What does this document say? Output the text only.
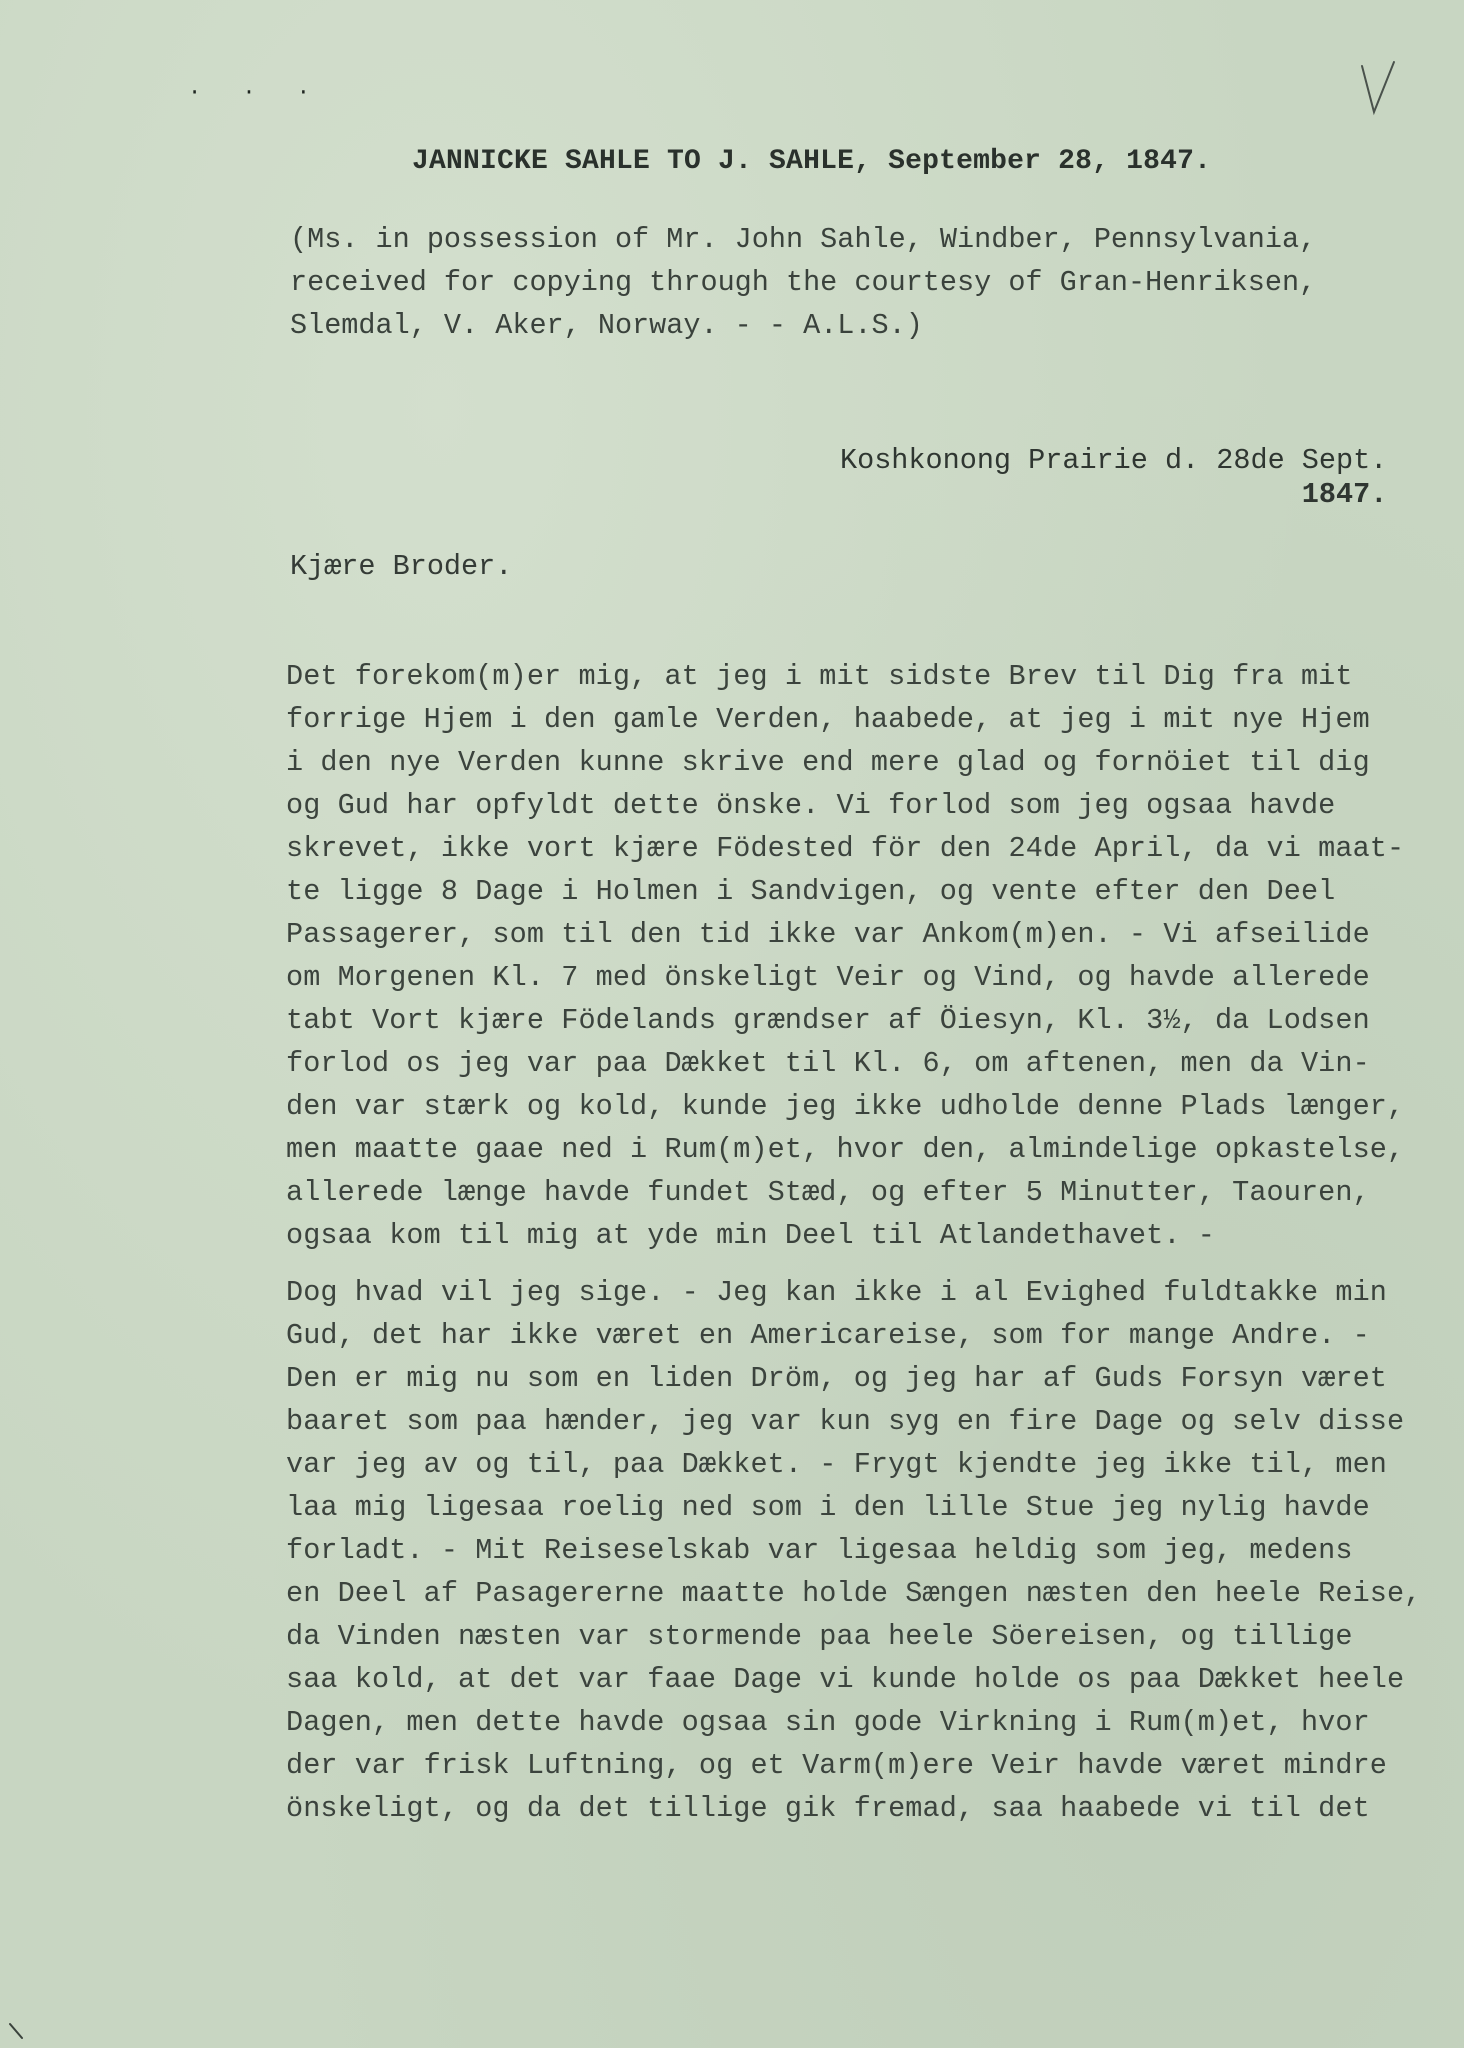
· · ·
JANNICKE SAHLE TO J. SAHLE, September 28, 1847.
(Ms. in possession of Mr. John Sahle, Windber, Pennsylvania,
received for copying through the courtesy of Gran-Henriksen,
Slemdal, V. Aker, Norway. - - A.L.S.)
Koshkonong Prairie d. 28de Sept.
1847.
Kjære Broder.
Det forekom(m)er mig, at jeg i mit sidste Brev til Dig fra mit
forrige Hjem i den gamle Verden, haabede, at jeg i mit nye Hjem
i den nye Verden kunne skrive end mere glad og fornöiet til dig
og Gud har opfyldt dette önske. Vi forlod som jeg ogsaa havde
skrevet, ikke vort kjære Födested för den 24de April, da vi maat-
te ligge 8 Dage i Holmen i Sandvigen, og vente efter den Deel
Passagerer, som til den tid ikke var Ankom(m)en. - Vi afseilide
om Morgenen Kl. 7 med önskeligt Veir og Vind, og havde allerede
tabt Vort kjære Födelands grændser af Öiesyn, Kl. 3½, da Lodsen
forlod os jeg var paa Dækket til Kl. 6, om aftenen, men da Vin-
den var stærk og kold, kunde jeg ikke udholde denne Plads længer,
men maatte gaae ned i Rum(m)et, hvor den, almindelige opkastelse,
allerede længe havde fundet Stæd, og efter 5 Minutter, Taouren,
ogsaa kom til mig at yde min Deel til Atlandethavet. -
Dog hvad vil jeg sige. - Jeg kan ikke i al Evighed fuldtakke min
Gud, det har ikke været en Americareise, som for mange Andre. -
Den er mig nu som en liden Dröm, og jeg har af Guds Forsyn været
baaret som paa hænder, jeg var kun syg en fire Dage og selv disse
var jeg av og til, paa Dækket. - Frygt kjendte jeg ikke til, men
laa mig ligesaa roelig ned som i den lille Stue jeg nylig havde
forladt. - Mit Reiseselskab var ligesaa heldig som jeg, medens
en Deel af Pasagererne maatte holde Sængen næsten den heele Reise,
da Vinden næsten var stormende paa heele Söereisen, og tillige
saa kold, at det var faae Dage vi kunde holde os paa Dækket heele
Dagen, men dette havde ogsaa sin gode Virkning i Rum(m)et, hvor
der var frisk Luftning, og et Varm(m)ere Veir havde været mindre
önskeligt, og da det tillige gik fremad, saa haabede vi til det
